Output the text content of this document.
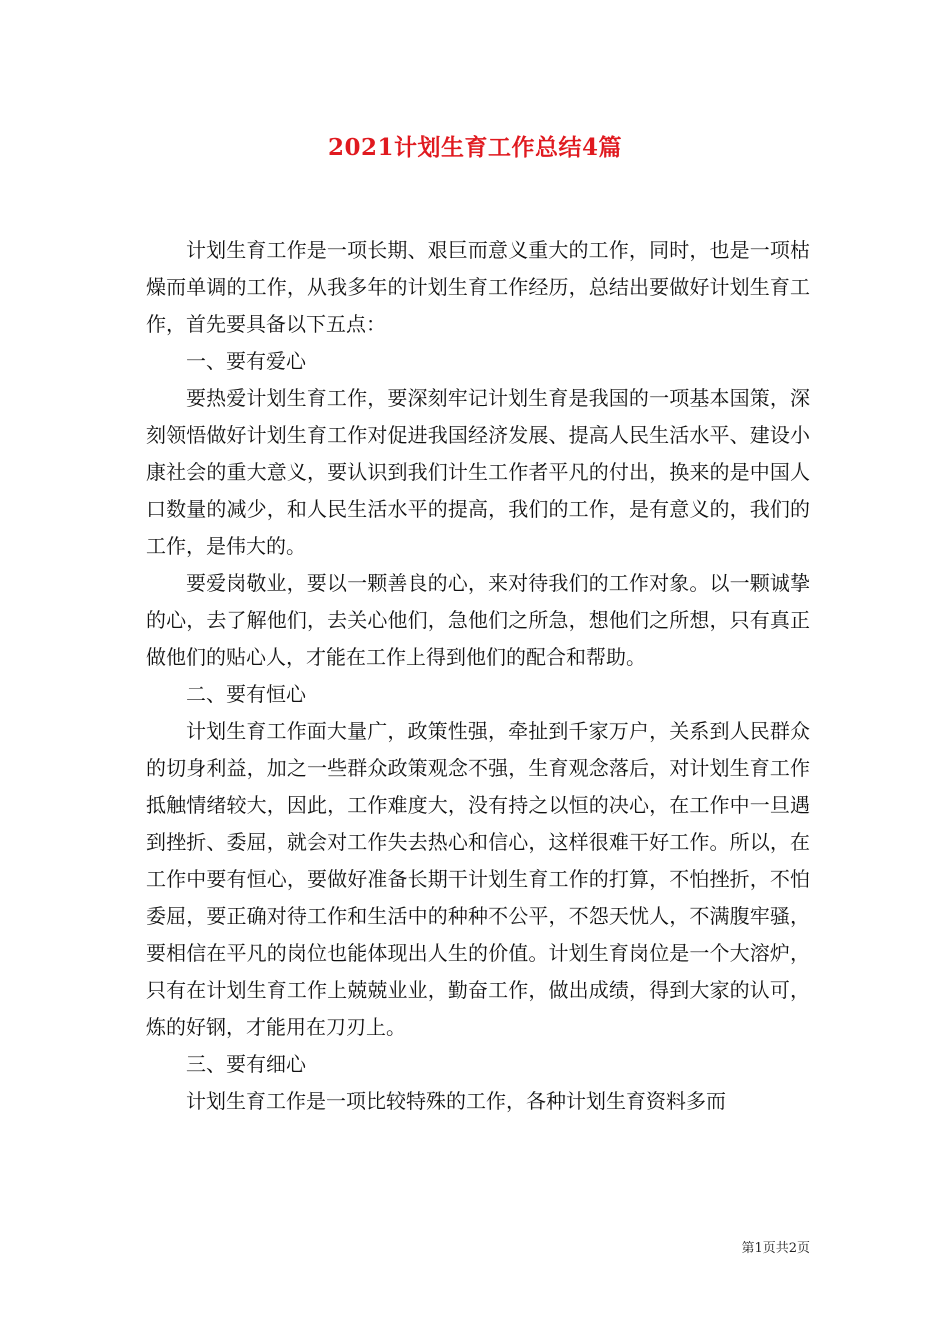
2021计划生育工作总结4篇

计划生育工作是一项长期、艰巨而意义重大的工作，同时，也是一项枯燥而单调的工作，从我多年的计划生育工作经历，总结出要做好计划生育工作，首先要具备以下五点：

一、要有爱心

要热爱计划生育工作，要深刻牢记计划生育是我国的一项基本国策，深刻领悟做好计划生育工作对促进我国经济发展、提高人民生活水平、建设小康社会的重大意义，要认识到我们计生工作者平凡的付出，换来的是中国人口数量的减少，和人民生活水平的提高，我们的工作，是有意义的，我们的工作，是伟大的。

要爱岗敬业，要以一颗善良的心，来对待我们的工作对象。以一颗诚挚的心，去了解他们，去关心他们，急他们之所急，想他们之所想，只有真正做他们的贴心人，才能在工作上得到他们的配合和帮助。

二、要有恒心

计划生育工作面大量广，政策性强，牵扯到千家万户，关系到人民群众的切身利益，加之一些群众政策观念不强，生育观念落后，对计划生育工作抵触情绪较大，因此，工作难度大，没有持之以恒的决心，在工作中一旦遇到挫折、委屈，就会对工作失去热心和信心，这样很难干好工作。所以，在工作中要有恒心，要做好准备长期干计划生育工作的打算，不怕挫折，不怕委屈，要正确对待工作和生活中的种种不公平，不怨天忧人，不满腹牢骚，要相信在平凡的岗位也能体现出人生的价值。计划生育岗位是一个大溶炉，只有在计划生育工作上兢兢业业，勤奋工作，做出成绩，得到大家的认可，炼的好钢，才能用在刀刃上。

三、要有细心

计划生育工作是一项比较特殊的工作，各种计划生育资料多而

第1页共2页
